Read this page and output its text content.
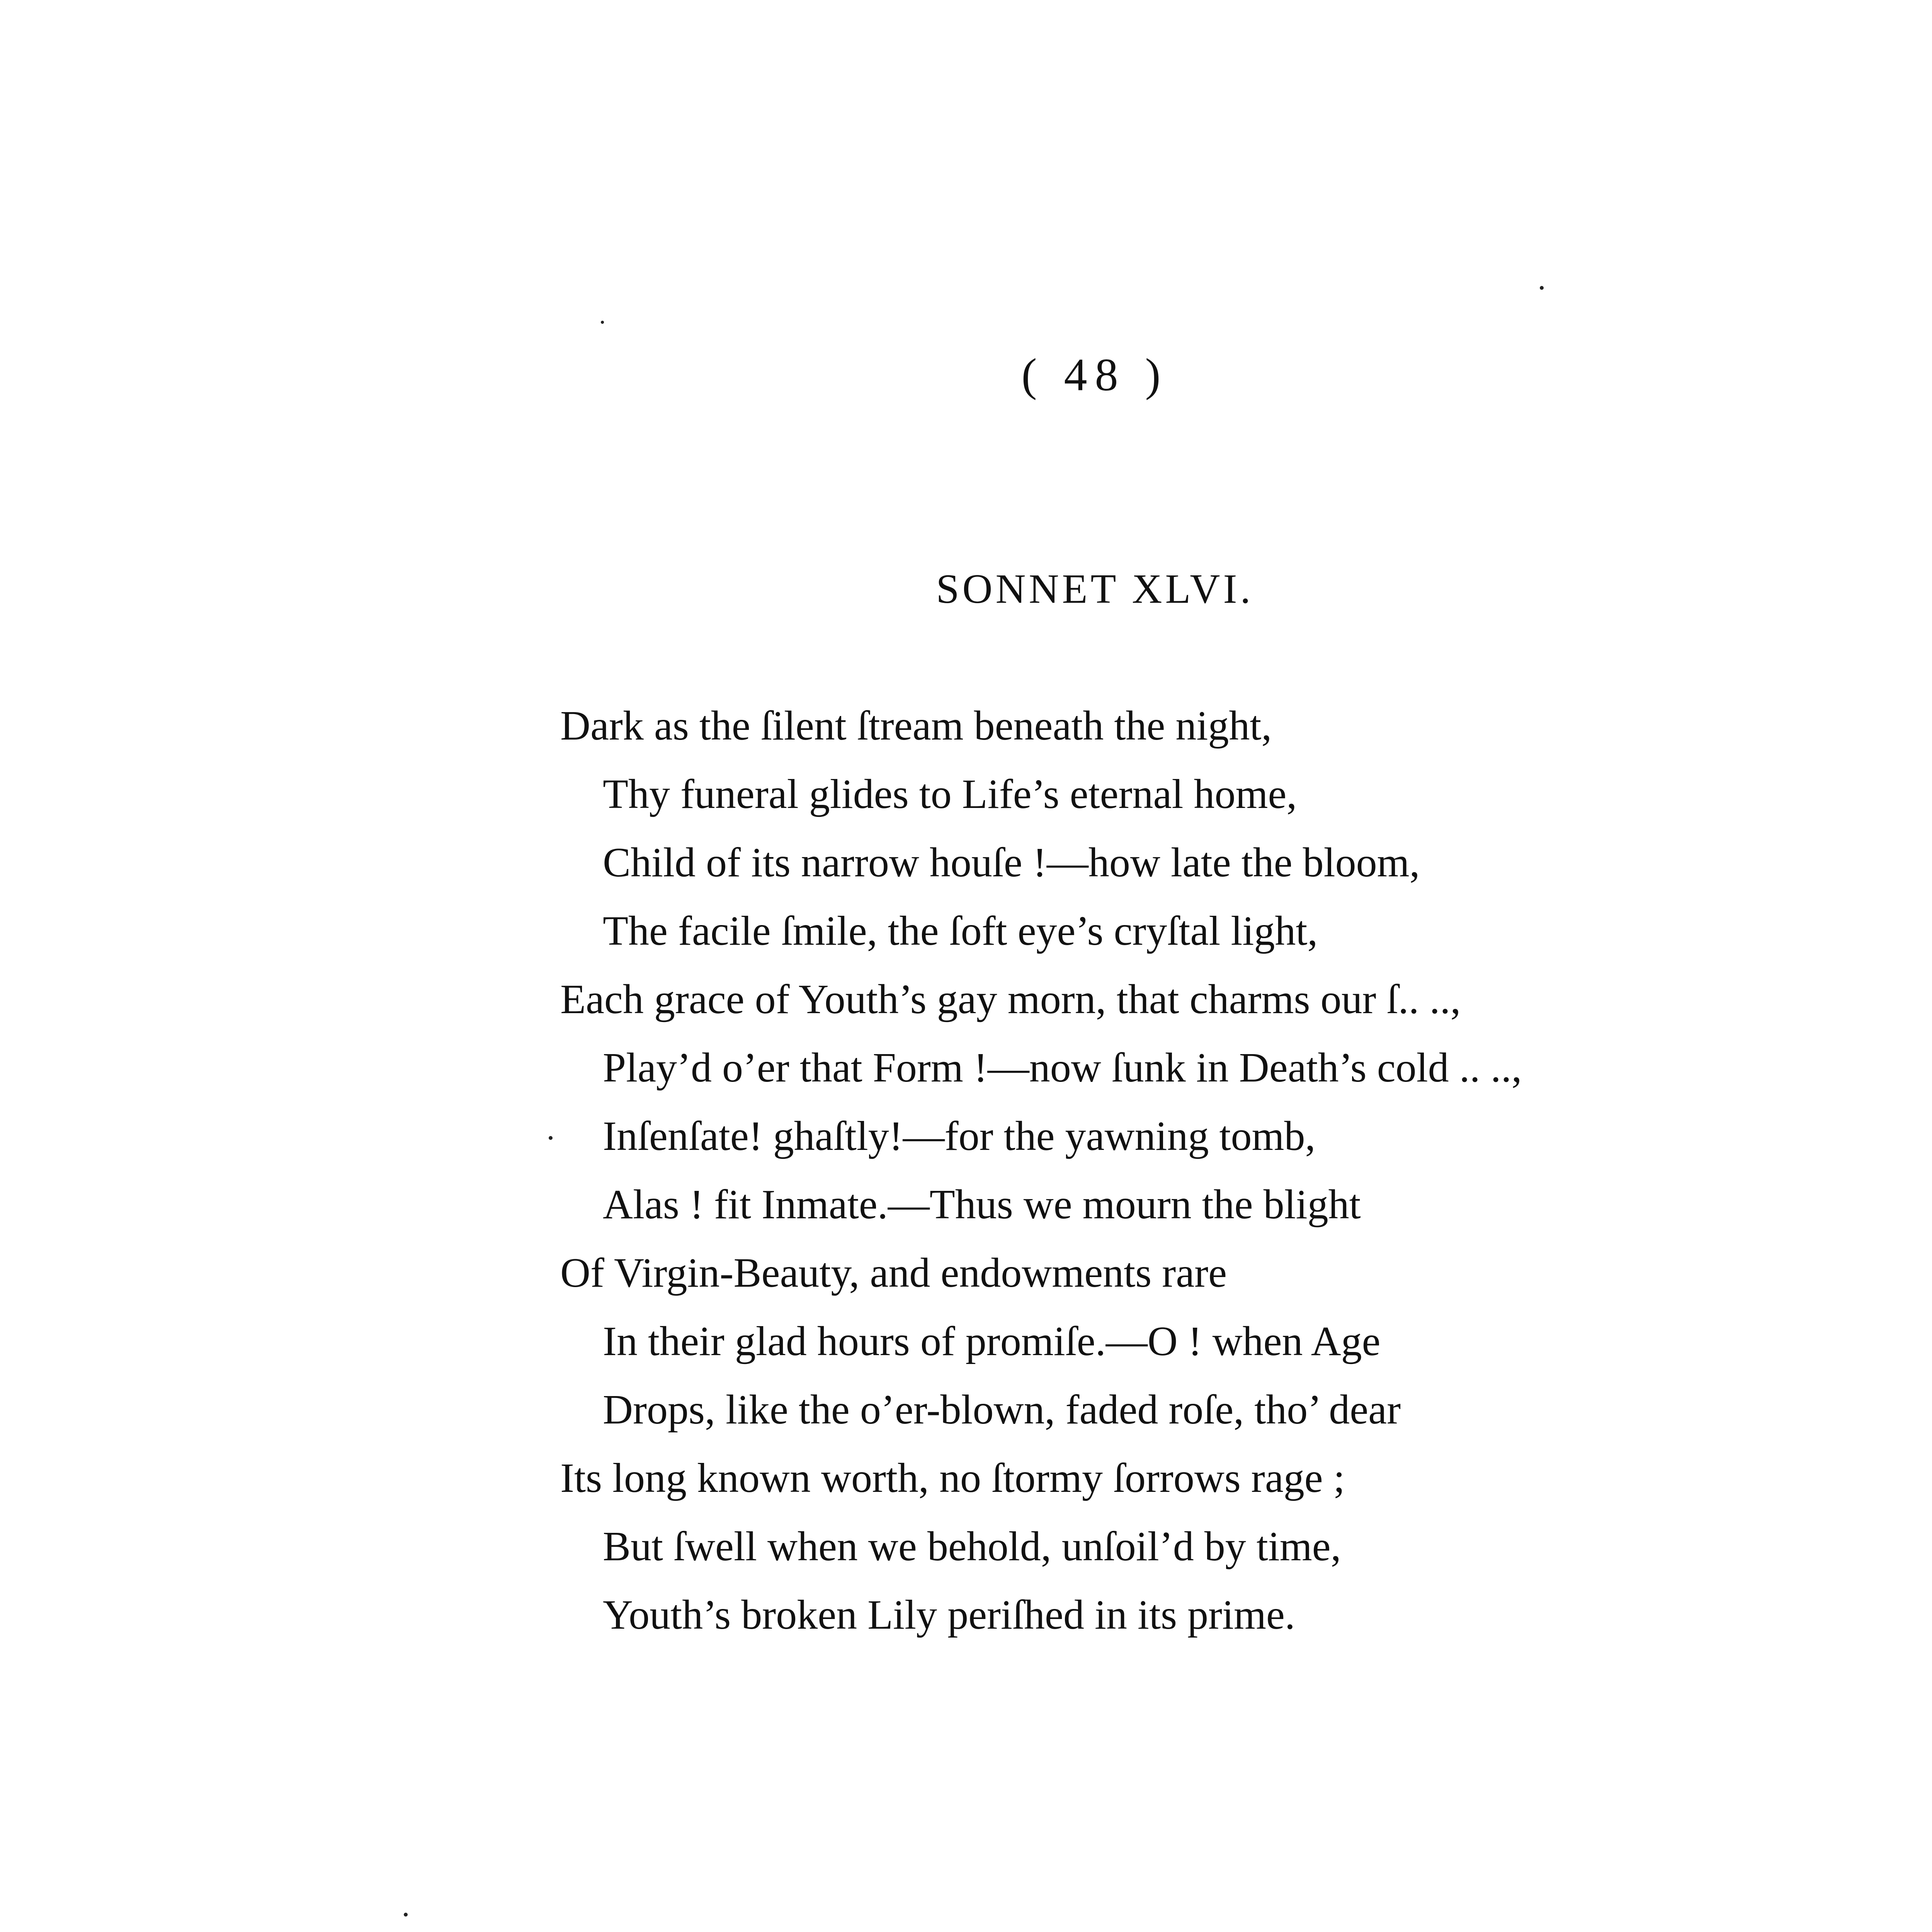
( 48 )
SONNET XLVI.
Dark as the ſilent ſtream beneath the night,
Thy funeral glides to Life’s eternal home,
Child of its narrow houſe !—how late the bloom,
The facile ſmile, the ſoft eye’s cryſtal light,
Each grace of Youth’s gay morn, that charms our ſ.. ..,
Play’d o’er that Form !—now ſunk in Death’s cold .. ..,
Inſenſate! ghaſtly!—for the yawning tomb,
Alas ! fit Inmate.—Thus we mourn the blight
Of Virgin-Beauty, and endowments rare
In their glad hours of promiſe.—O ! when Age
Drops, like the o’er-blown, faded roſe, tho’ dear
Its long known worth, no ſtormy ſorrows rage ;
But ſwell when we behold, unſoil’d by time,
Youth’s broken Lily periſhed in its prime.
